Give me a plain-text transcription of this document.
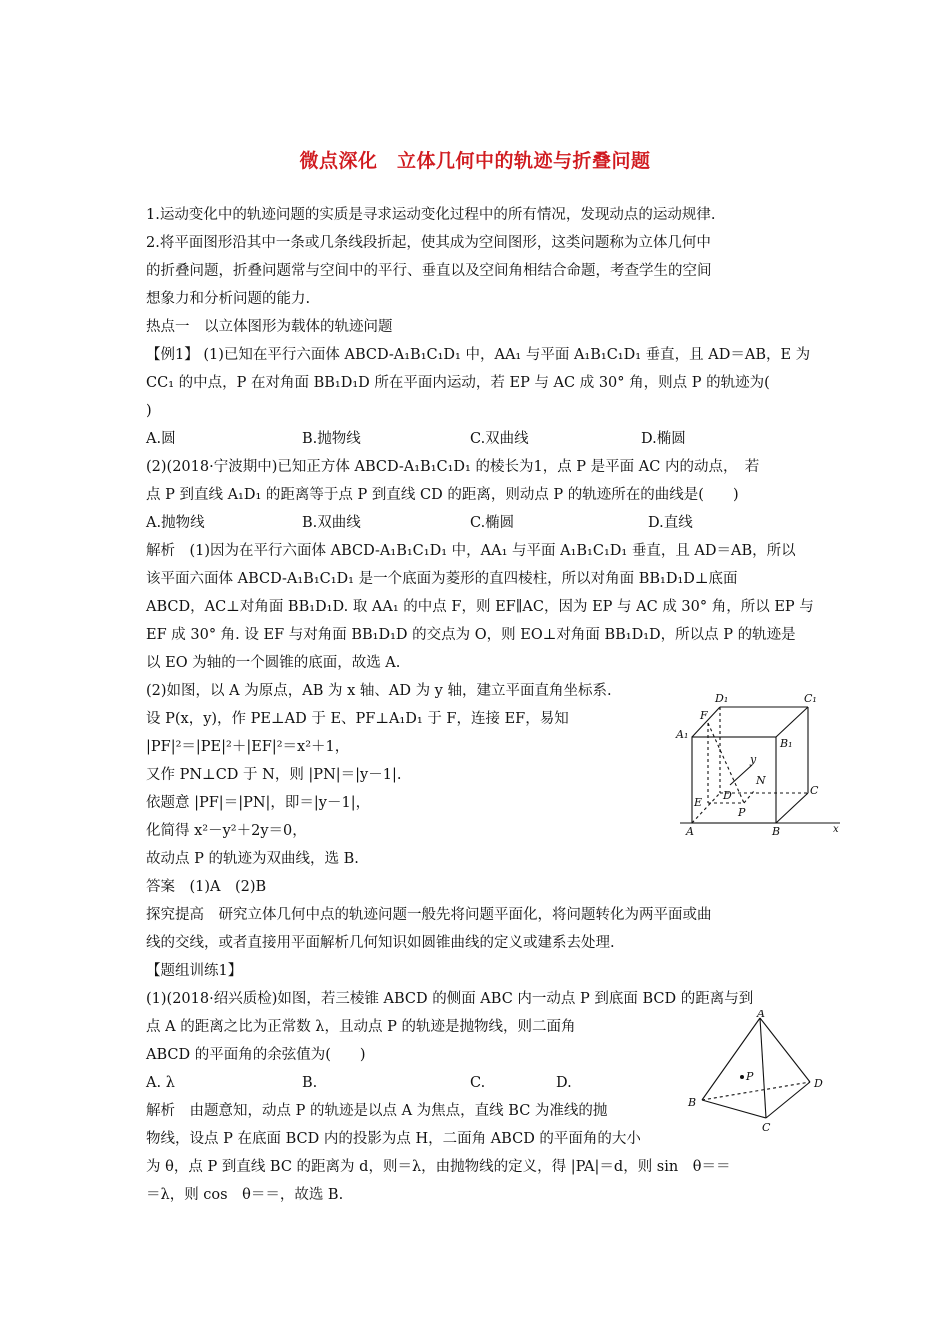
微点深化　立体几何中的轨迹与折叠问题
1.运动变化中的轨迹问题的实质是寻求运动变化过程中的所有情况，发现动点的运动规律.
2.将平面图形沿其中一条或几条线段折起，使其成为空间图形，这类问题称为立体几何中
的折叠问题，折叠问题常与空间中的平行、垂直以及空间角相结合命题，考查学生的空间
想象力和分析问题的能力.
热点一　以立体图形为载体的轨迹问题
【例1】 (1)已知在平行六面体 ABCD-A₁B₁C₁D₁ 中，AA₁ 与平面 A₁B₁C₁D₁ 垂直，且 AD＝AB，E 为
CC₁ 的中点，P 在对角面 BB₁D₁D 所在平面内运动，若 EP 与 AC 成 30° 角，则点 P 的轨迹为(
)
A.圆	B.抛物线	C.双曲线	D.椭圆
(2)(2018·宁波期中)已知正方体 ABCD-A₁B₁C₁D₁ 的棱长为1，点 P 是平面 AC 内的动点，　若
点 P 到直线 A₁D₁ 的距离等于点 P 到直线 CD 的距离，则动点 P 的轨迹所在的曲线是(　　)
A.抛物线	B.双曲线	C.椭圆	D.直线
解析　(1)因为在平行六面体 ABCD-A₁B₁C₁D₁ 中，AA₁ 与平面 A₁B₁C₁D₁ 垂直，且 AD＝AB，所以
该平面六面体 ABCD-A₁B₁C₁D₁ 是一个底面为菱形的直四棱柱，所以对角面 BB₁D₁D⊥底面
ABCD，AC⊥对角面 BB₁D₁D. 取 AA₁ 的中点 F，则 EF∥AC，因为 EP 与 AC 成 30° 角，所以 EP 与
EF 成 30° 角. 设 EF 与对角面 BB₁D₁D 的交点为 O，则 EO⊥对角面 BB₁D₁D，所以点 P 的轨迹是
以 EO 为轴的一个圆锥的底面，故选 A.
(2)如图，以 A 为原点，AB 为 x 轴、AD 为 y 轴，建立平面直角坐标系.
设 P(x，y)，作 PE⊥AD 于 E、PF⊥A₁D₁ 于 F，连接 EF，易知
|PF|²＝|PE|²＋|EF|²＝x²＋1，
又作 PN⊥CD 于 N，则 |PN|＝|y－1|.
依题意 |PF|＝|PN|，即＝|y－1|，
化简得 x²－y²＋2y＝0，
故动点 P 的轨迹为双曲线，选 B.
答案　(1)A　(2)B
探究提高　研究立体几何中点的轨迹问题一般先将问题平面化，将问题转化为两平面或曲
线的交线，或者直接用平面解析几何知识如圆锥曲线的定义或建系去处理.
【题组训练1】
(1)(2018·绍兴质检)如图，若三棱锥 ABCD 的侧面 ABC 内一动点 P 到底面 BCD 的距离与到
点 A 的距离之比为正常数 λ，且动点 P 的轨迹是抛物线，则二面角
ABCD 的平面角的余弦值为(　　)
A. λ	B.	C.	D.
解析　由题意知，动点 P 的轨迹是以点 A 为焦点，直线 BC 为准线的抛
物线，设点 P 在底面 BCD 内的投影为点 H，二面角 ABCD 的平面角的大小
为 θ，点 P 到直线 BC 的距离为 d，则＝λ，由抛物线的定义，得 |PA|＝d，则 sin　θ＝＝
＝λ，则 cos　θ＝＝，故选 B.
D₁	C₁
A₁
B₁
F
y
N
D	C
E
P
A	B	x
A
P
D
B
C
